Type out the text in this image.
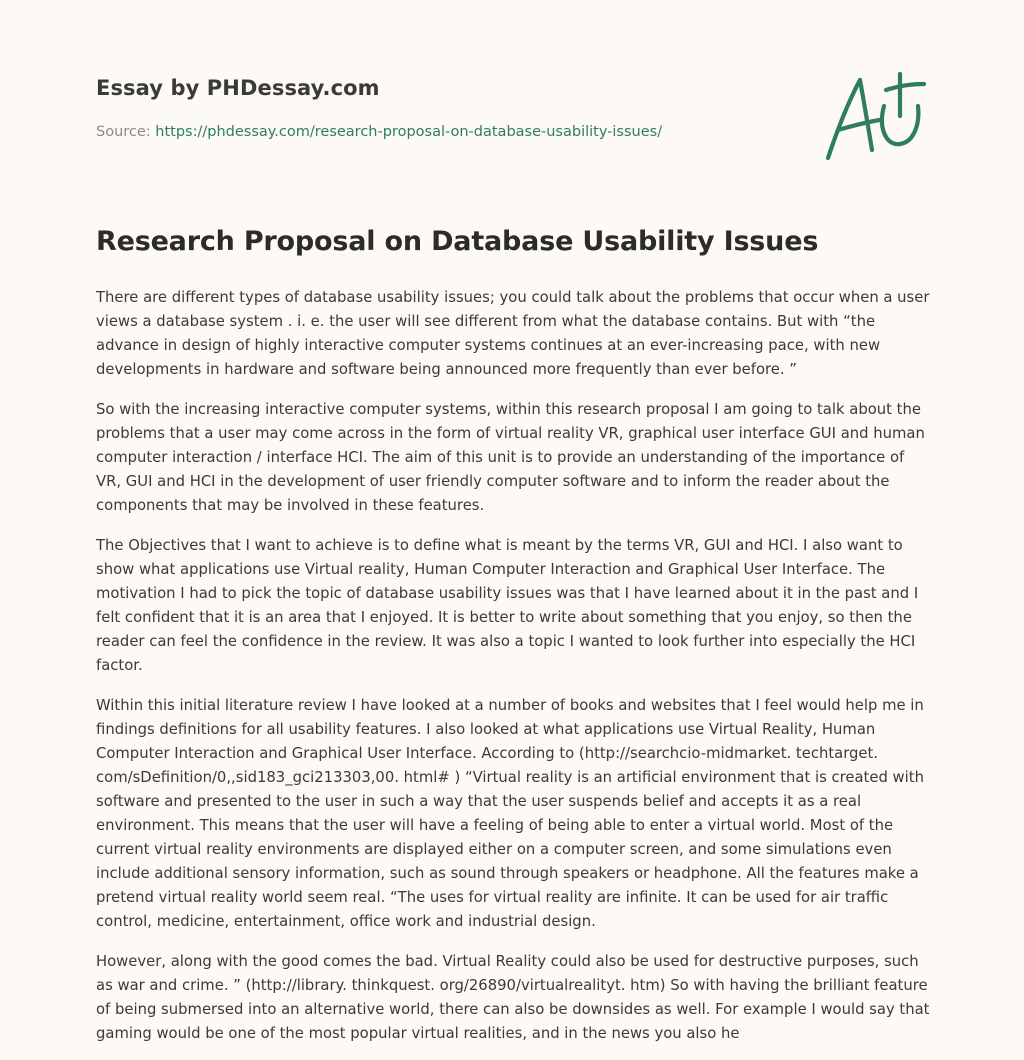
Essay by PHDessay.com
Source: https://phdessay.com/research-proposal-on-database-usability-issues/
Research Proposal on Database Usability Issues

There are different types of database usability issues; you could talk about the problems that occur when a user views a database system . i. e. the user will see different from what the database contains. But with “the advance in design of highly interactive computer systems continues at an ever-increasing pace, with new developments in hardware and software being announced more frequently than ever before. ”

So with the increasing interactive computer systems, within this research proposal I am going to talk about the problems that a user may come across in the form of virtual reality VR, graphical user interface GUI and human computer interaction / interface HCI. The aim of this unit is to provide an understanding of the importance of VR, GUI and HCI in the development of user friendly computer software and to inform the reader about the components that may be involved in these features.

The Objectives that I want to achieve is to define what is meant by the terms VR, GUI and HCI. I also want to show what applications use Virtual reality, Human Computer Interaction and Graphical User Interface. The motivation I had to pick the topic of database usability issues was that I have learned about it in the past and I felt confident that it is an area that I enjoyed. It is better to write about something that you enjoy, so then the reader can feel the confidence in the review. It was also a topic I wanted to look further into especially the HCI factor.

Within this initial literature review I have looked at a number of books and websites that I feel would help me in findings definitions for all usability features. I also looked at what applications use Virtual Reality, Human Computer Interaction and Graphical User Interface. According to (http://searchcio-midmarket. techtarget. com/sDefinition/0,,sid183_gci213303,00. html# ) “Virtual reality is an artificial environment that is created with software and presented to the user in such a way that the user suspends belief and accepts it as a real environment. This means that the user will have a feeling of being able to enter a virtual world. Most of the current virtual reality environments are displayed either on a computer screen, and some simulations even include additional sensory information, such as sound through speakers or headphone. All the features make a pretend virtual reality world seem real. “The uses for virtual reality are infinite. It can be used for air traffic control, medicine, entertainment, office work and industrial design.

However, along with the good comes the bad. Virtual Reality could also be used for destructive purposes, such as war and crime. ” (http://library. thinkquest. org/26890/virtualrealityt. htm) So with having the brilliant feature of being submersed into an alternative world, there can also be downsides as well. For example I would say that gaming would be one of the most popular virtual realities, and in the news you also he
